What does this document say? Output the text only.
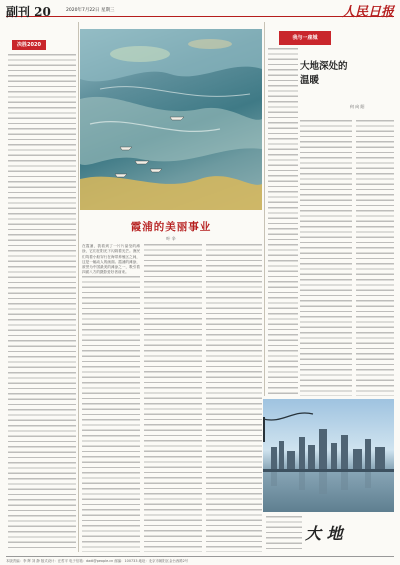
副刊 20	2020年7月22日 星期三	人民日报
决胜2020
我与一座城
霞浦的美丽事业
叶 辛
在霞浦，我看到了一片片晶莹的滩涂，它们在阳光下闪烁着光芒。渔民们驾着小船穿行在海带养殖区之间，这是一幅动人的画面。霞浦的滩涂，被誉为中国最美的滩涂之一，吸引着四面八方的摄影爱好者前来。
大地深处的温暖
何 向 阳
大 地
本版责编：李 辉 刘 静 版式设计：汪哲平 电子信箱：dadi@people.cn 邮编：100733 地址：北京市朝阳区金台西路2号
